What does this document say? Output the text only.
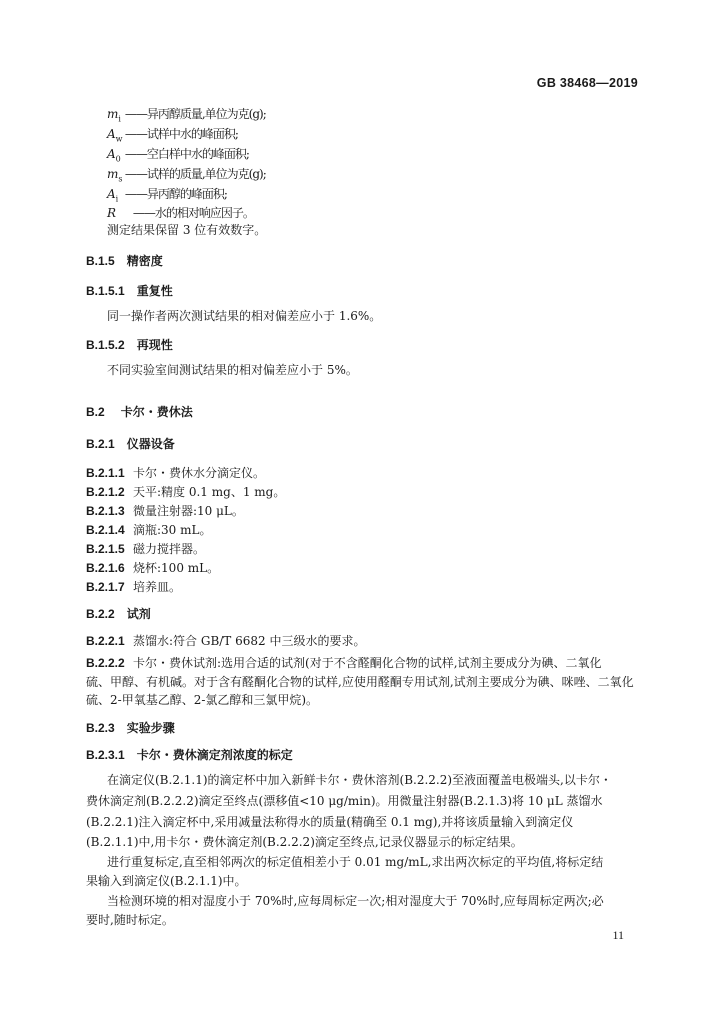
GB 38468—2019
$m_i$ ——异丙醇质量,单位为克(g);
$A_w$ ——试样中水的峰面积;
$A_0$ ——空白样中水的峰面积;
$m_s$ ——试样的质量,单位为克(g);
$A_i$ ——异丙醇的峰面积;
R ——水的相对响应因子。
测定结果保留 3 位有效数字。
B.1.5 精密度
B.1.5.1 重复性
同一操作者两次测试结果的相对偏差应小于 1.6%。
B.1.5.2 再现性
不同实验室间测试结果的相对偏差应小于 5%。
B.2 卡尔・费休法
B.2.1 仪器设备
B.2.1.1 卡尔・费休水分滴定仪。
B.2.1.2 天平:精度 0.1 mg、1 mg。
B.2.1.3 微量注射器:10 μL。
B.2.1.4 滴瓶:30 mL。
B.2.1.5 磁力搅拌器。
B.2.1.6 烧杯:100 mL。
B.2.1.7 培养皿。
B.2.2 试剂
B.2.2.1 蒸馏水:符合 GB/T 6682 中三级水的要求。
B.2.2.2 卡尔・费休试剂:选用合适的试剂(对于不含醛酮化合物的试样,试剂主要成分为碘、二氧化
硫、甲醇、有机碱。对于含有醛酮化合物的试样,应使用醛酮专用试剂,试剂主要成分为碘、咪唑、二氧化
硫、2-甲氧基乙醇、2-氯乙醇和三氯甲烷)。
B.2.3 实验步骤
B.2.3.1 卡尔・费休滴定剂浓度的标定
在滴定仪(B.2.1.1)的滴定杯中加入新鲜卡尔・费休溶剂(B.2.2.2)至液面覆盖电极端头,以卡尔・
费休滴定剂(B.2.2.2)滴定至终点(漂移值<10 μg/min)。用微量注射器(B.2.1.3)将 10 μL 蒸馏水
(B.2.2.1)注入滴定杯中,采用减量法称得水的质量(精确至 0.1 mg),并将该质量输入到滴定仪
(B.2.1.1)中,用卡尔・费休滴定剂(B.2.2.2)滴定至终点,记录仪器显示的标定结果。
进行重复标定,直至相邻两次的标定值相差小于 0.01 mg/mL,求出两次标定的平均值,将标定结
果输入到滴定仪(B.2.1.1)中。
当检测环境的相对湿度小于 70%时,应每周标定一次;相对湿度大于 70%时,应每周标定两次;必
要时,随时标定。
11
